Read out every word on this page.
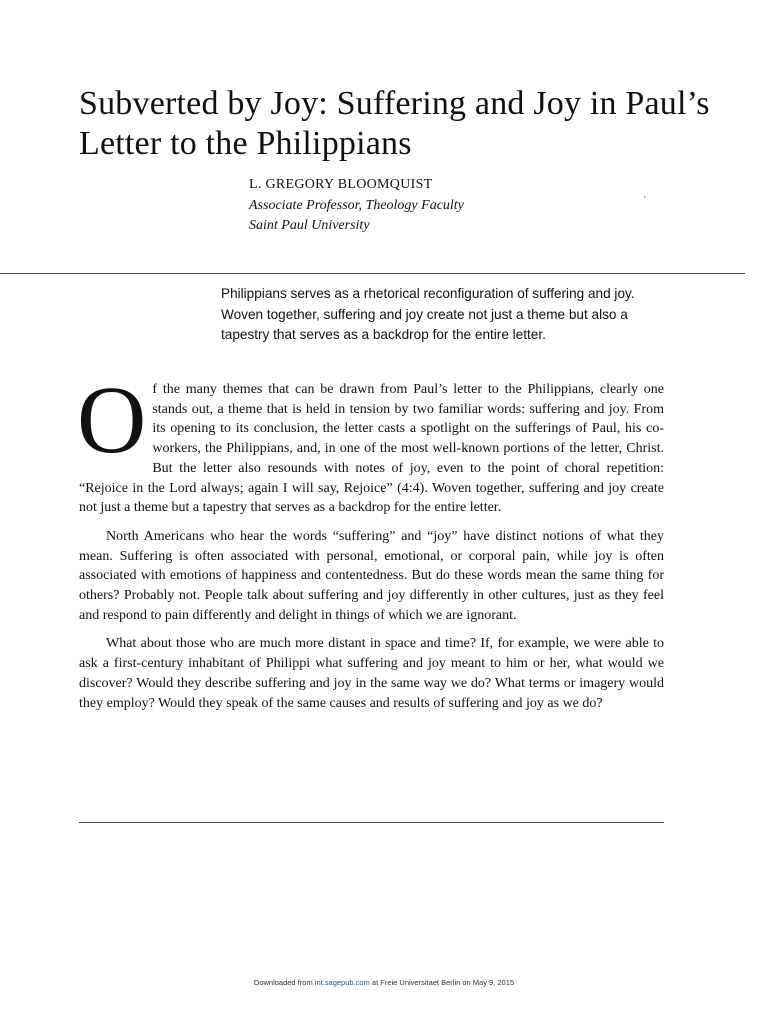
Subverted by Joy: Suffering and Joy in Paul’s Letter to the Philippians
L. GREGORY BLOOMQUIST
Associate Professor, Theology Faculty
Saint Paul University
`

Philippians serves as a rhetorical reconfiguration of suffering and joy. Woven together, suffering and joy create not just a theme but also a tapestry that serves as a backdrop for the entire letter.

Of the many themes that can be drawn from Paul’s letter to the Philippians, clearly one stands out, a theme that is held in tension by two familiar words: suffering and joy. From its opening to its conclusion, the letter casts a spotlight on the sufferings of Paul, his co-workers, the Philippians, and, in one of the most well-known portions of the letter, Christ. But the letter also resounds with notes of joy, even to the point of choral repetition: “Rejoice in the Lord always; again I will say, Rejoice” (4:4). Woven together, suffering and joy create not just a theme but a tapestry that serves as a backdrop for the entire letter.

North Americans who hear the words “suffering” and “joy” have distinct notions of what they mean. Suffering is often associated with personal, emotional, or corporal pain, while joy is often associated with emotions of happiness and contentedness. But do these words mean the same thing for others? Probably not. People talk about suffering and joy differently in other cultures, just as they feel and respond to pain differently and delight in things of which we are ignorant.

What about those who are much more distant in space and time? If, for example, we were able to ask a first-century inhabitant of Philippi what suffering and joy meant to him or her, what would we discover? Would they describe suffering and joy in the same way we do? What terms or imagery would they employ? Would they speak of the same causes and results of suffering and joy as we do?

Downloaded from int.sagepub.com at Freie Universitaet Berlin on May 9, 2015
